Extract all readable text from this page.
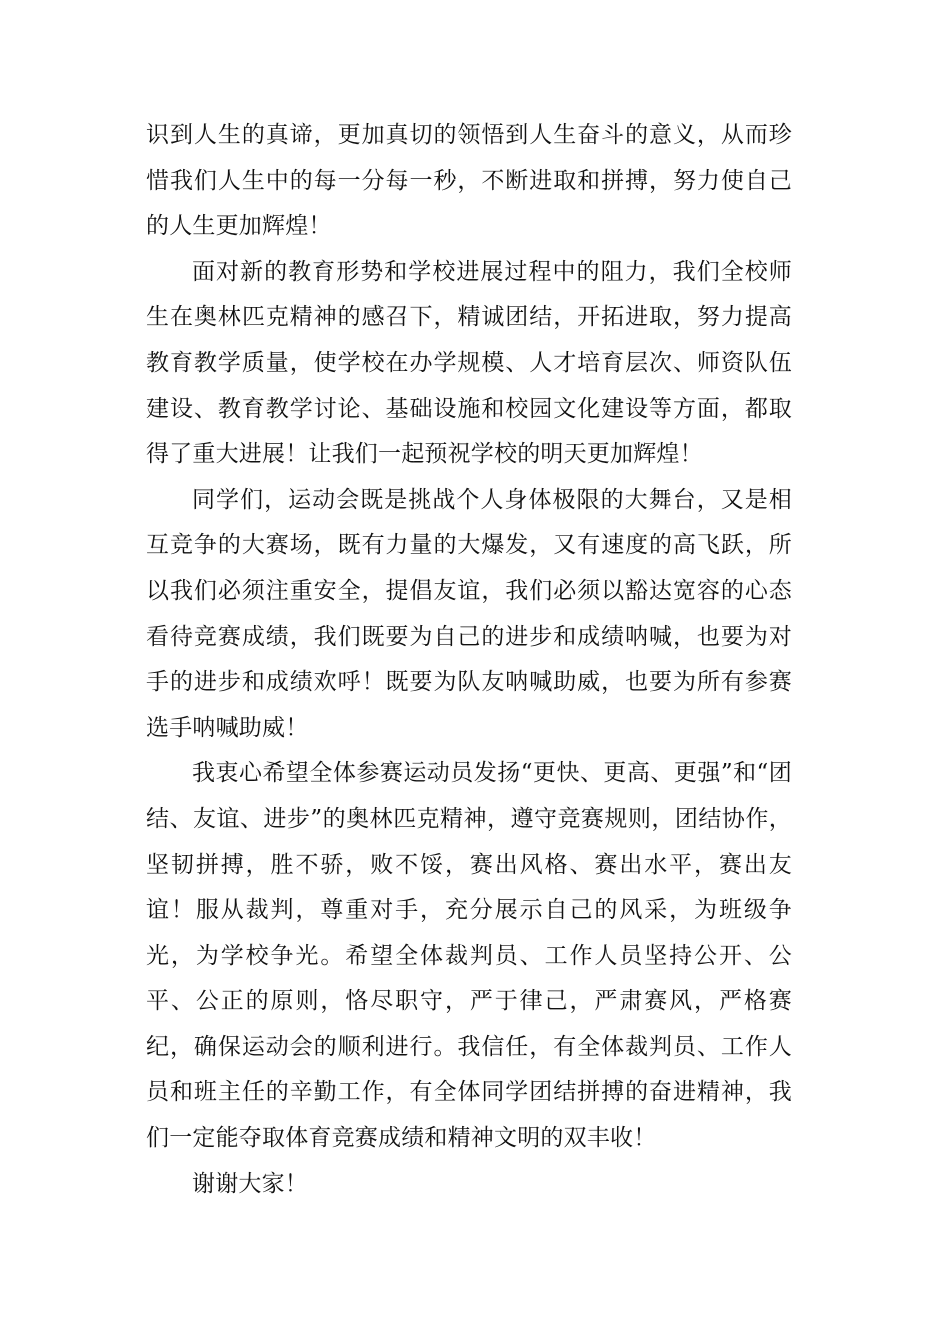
识到人生的真谛，更加真切的领悟到人生奋斗的意义，从而珍惜我们人生中的每一分每一秒，不断进取和拼搏，努力使自己的人生更加辉煌！

面对新的教育形势和学校进展过程中的阻力，我们全校师生在奥林匹克精神的感召下，精诚团结，开拓进取，努力提高教育教学质量，使学校在办学规模、人才培育层次、师资队伍建设、教育教学讨论、基础设施和校园文化建设等方面，都取得了重大进展！让我们一起预祝学校的明天更加辉煌！

同学们，运动会既是挑战个人身体极限的大舞台，又是相互竞争的大赛场，既有力量的大爆发，又有速度的高飞跃，所以我们必须注重安全，提倡友谊，我们必须以豁达宽容的心态看待竞赛成绩，我们既要为自己的进步和成绩呐喊，也要为对手的进步和成绩欢呼！既要为队友呐喊助威，也要为所有参赛选手呐喊助威！

我衷心希望全体参赛运动员发扬“更快、更高、更强”和“团结、友谊、进步”的奥林匹克精神，遵守竞赛规则，团结协作，坚韧拼搏，胜不骄，败不馁，赛出风格、赛出水平，赛出友谊！服从裁判，尊重对手，充分展示自己的风采，为班级争光，为学校争光。希望全体裁判员、工作人员坚持公开、公平、公正的原则，恪尽职守，严于律己，严肃赛风，严格赛纪，确保运动会的顺利进行。我信任，有全体裁判员、工作人员和班主任的辛勤工作，有全体同学团结拼搏的奋进精神，我们一定能夺取体育竞赛成绩和精神文明的双丰收！

谢谢大家！
